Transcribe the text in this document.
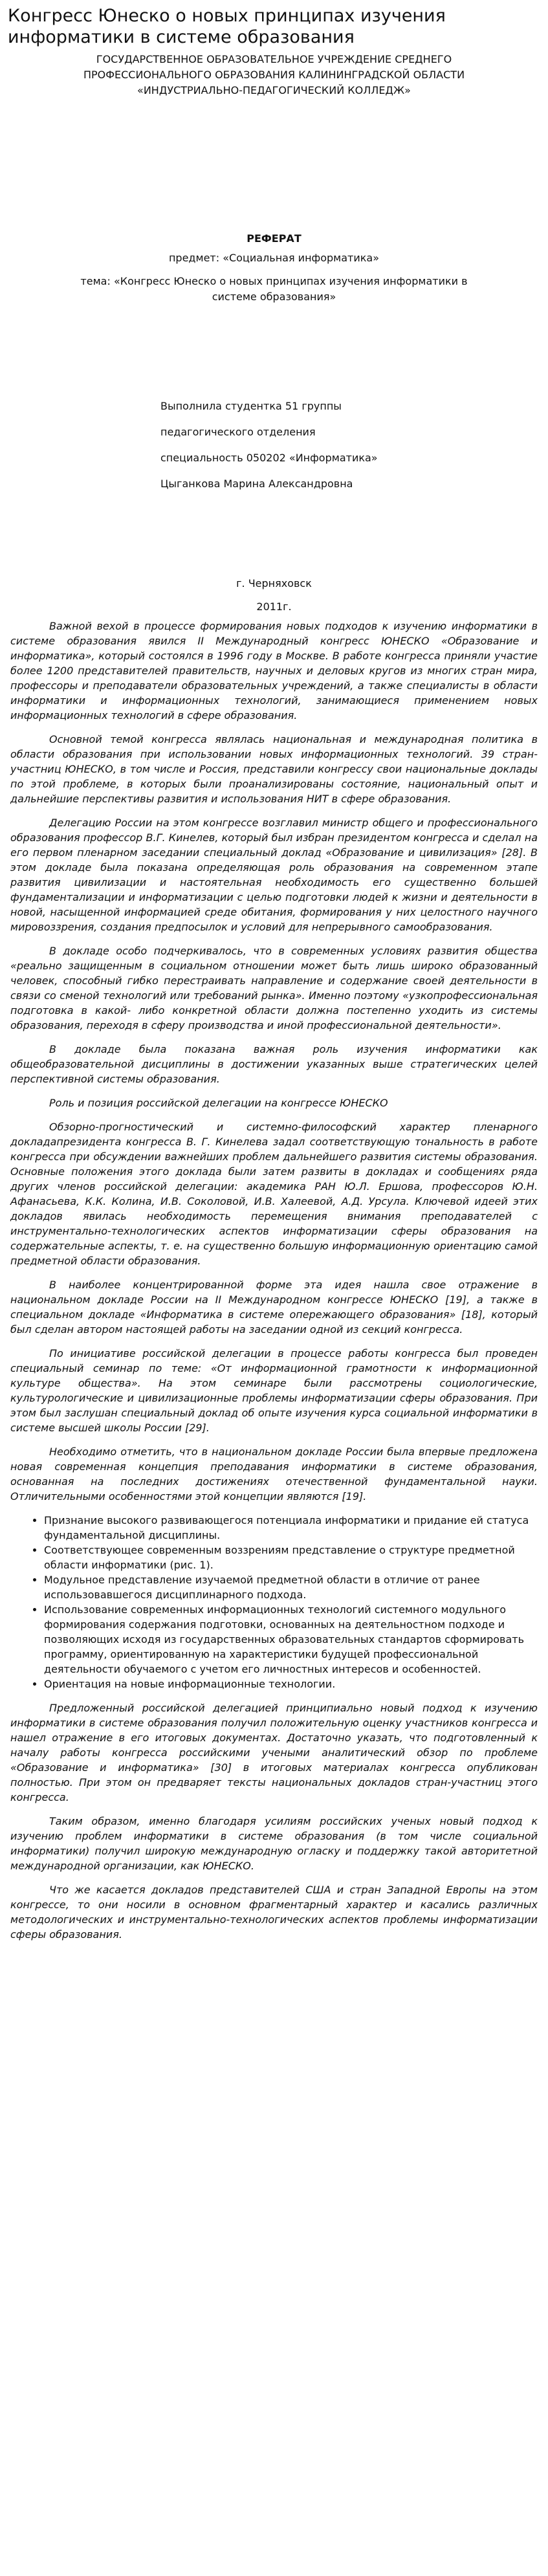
Конгресс Юнеско о новых принципах изучения информатики в системе образования

ГОСУДАРСТВЕННОЕ ОБРАЗОВАТЕЛЬНОЕ УЧРЕЖДЕНИЕ СРЕДНЕГО

ПРОФЕССИОНАЛЬНОГО ОБРАЗОВАНИЯ КАЛИНИНГРАДСКОЙ ОБЛАСТИ

«ИНДУСТРИАЛЬНО-ПЕДАГОГИЧЕСКИЙ КОЛЛЕДЖ»

РЕФЕРАТ
предмет: «Социальная информатика»
тема: «Конгресс Юнеско о новых принципах изучения информатики в системе образования»

Выполнила студентка 51 группы

педагогического отделения

специальность 050202 «Информатика»

Цыганкова Марина Александровна

г. Черняховск
2011г.

Важной вехой в процессе формирования новых подходов к изучению информатики в системе образования явился II Международный конгресс ЮНЕСКО «Образование и информатика», который состоялся в 1996 году в Москве. В работе конгресса приняли участие более 1200 представителей правительств, научных и деловых кругов из многих стран мира, профессоры и преподаватели образовательных учреждений, а также специалисты в области информатики и информационных технологий, занимающиеся применением новых информационных технологий в сфере образования.

Основной темой конгресса являлась национальная и международная политика в области образования при использовании новых информационных технологий. 39 стран-участниц ЮНЕСКО, в том числе и Россия, представили конгрессу свои национальные доклады по этой проблеме, в которых были проанализированы состояние, национальный опыт и дальнейшие перспективы развития и использования НИТ в сфере образования.

Делегацию России на этом конгрессе возглавил министр общего и профессионального образования профессор В.Г. Кинелев, который был избран президентом конгресса и сделал на его первом пленарном заседании специальный доклад «Образование и цивилизация» [28]. В этом докладе была показана определяющая роль образования на современном этапе развития цивилизации и настоятельная необходимость его существенно большей фундаментализации и информатизации с целью подготовки людей к жизни и деятельности в новой, насыщенной информацией среде обитания, формирования у них целостного научного мировоззрения, создания предпосылок и условий для непрерывного самообразования.

В докладе особо подчеркивалось, что в современных условиях развития общества «реально защищенным в социальном отношении может быть лишь широко образованный человек, способный гибко перестраивать направление и содержание своей деятельности в связи со сменой технологий или требований рынка». Именно поэтому «узкопрофессиональная подготовка в какой- либо конкретной области должна постепенно уходить из системы образования, переходя в сферу производства и иной профессиональной деятельности».

В докладе была показана важная роль изучения информатики как общеобразовательной дисциплины в достижении указанных выше стратегических целей перспективной системы образования.

Роль и позиция российской делегации на конгрессе ЮНЕСКО

Обзорно-прогностический и системно-философский характер пленарного докладапрезидента конгресса В. Г. Кинелева задал соответствующую тональность в работе конгресса при обсуждении важнейших проблем дальнейшего развития системы образования. Основные положения этого доклада были затем развиты в докладах и сообщениях ряда других членов российской делегации: академика РАН Ю.Л. Ершова, профессоров Ю.Н. Афанасьева, К.К. Колина, И.В. Соколовой, И.В. Халеевой, А.Д. Урсула. Ключевой идеей этих докладов явилась необходимость перемещения внимания преподавателей с инструментально-технологических аспектов информатизации сферы образования на содержательные аспекты, т. е. на существенно большую информационную ориентацию самой предметной области образования.

В наиболее концентрированной форме эта идея нашла свое отражение в национальном докладе России на II Международном конгрессе ЮНЕСКО [19], а также в специальном докладе «Информатика в системе опережающего образования» [18], который был сделан автором настоящей работы на заседании одной из секций конгресса.

По инициативе российской делегации в процессе работы конгресса был проведен специальный семинар по теме: «От информационной грамотности к информационной культуре общества». На этом семинаре были рассмотрены социологические, культурологические и цивилизационные проблемы информатизации сферы образования. При этом был заслушан специальный доклад об опыте изучения курса социальной информатики в системе высшей школы России [29].

Необходимо отметить, что в национальном докладе России была впервые предложена новая современная концепция преподавания информатики в системе образования, основанная на последних достижениях отечественной фундаментальной науки. Отличительными особенностями этой концепции являются [19].

• Признание высокого развивающегося потенциала информатики и придание ей статуса фундаментальной дисциплины.
• Соответствующее современным воззрениям представление о структуре предметной области информатики (рис. 1).
• Модульное представление изучаемой предметной области в отличие от ранее использовавшегося дисциплинарного подхода.
• Использование современных информационных технологий системного модульного формирования содержания подготовки, основанных на деятельностном подходе и позволяющих исходя из государственных образовательных стандартов сформировать программу, ориентированную на характеристики будущей профессиональной деятельности обучаемого с учетом его личностных интересов и особенностей.
• Ориентация на новые информационные технологии.

Предложенный российской делегацией принципиально новый подход к изучению информатики в системе образования получил положительную оценку участников конгресса и нашел отражение в его итоговых документах. Достаточно указать, что подготовленный к началу работы конгресса российскими учеными аналитический обзор по проблеме «Образование и информатика» [30] в итоговых материалах конгресса опубликован полностью. При этом он предваряет тексты национальных докладов стран-участниц этого конгресса.

Таким образом, именно благодаря усилиям российских ученых новый подход к изучению проблем информатики в системе образования (в том числе социальной информатики) получил широкую международную огласку и поддержку такой авторитетной международной организации, как ЮНЕСКО.

Что же касается докладов представителей США и стран Западной Европы на этом конгрессе, то они носили в основном фрагментарный характер и касались различных методологических и инструментально-технологических аспектов проблемы информатизации сферы образования.
